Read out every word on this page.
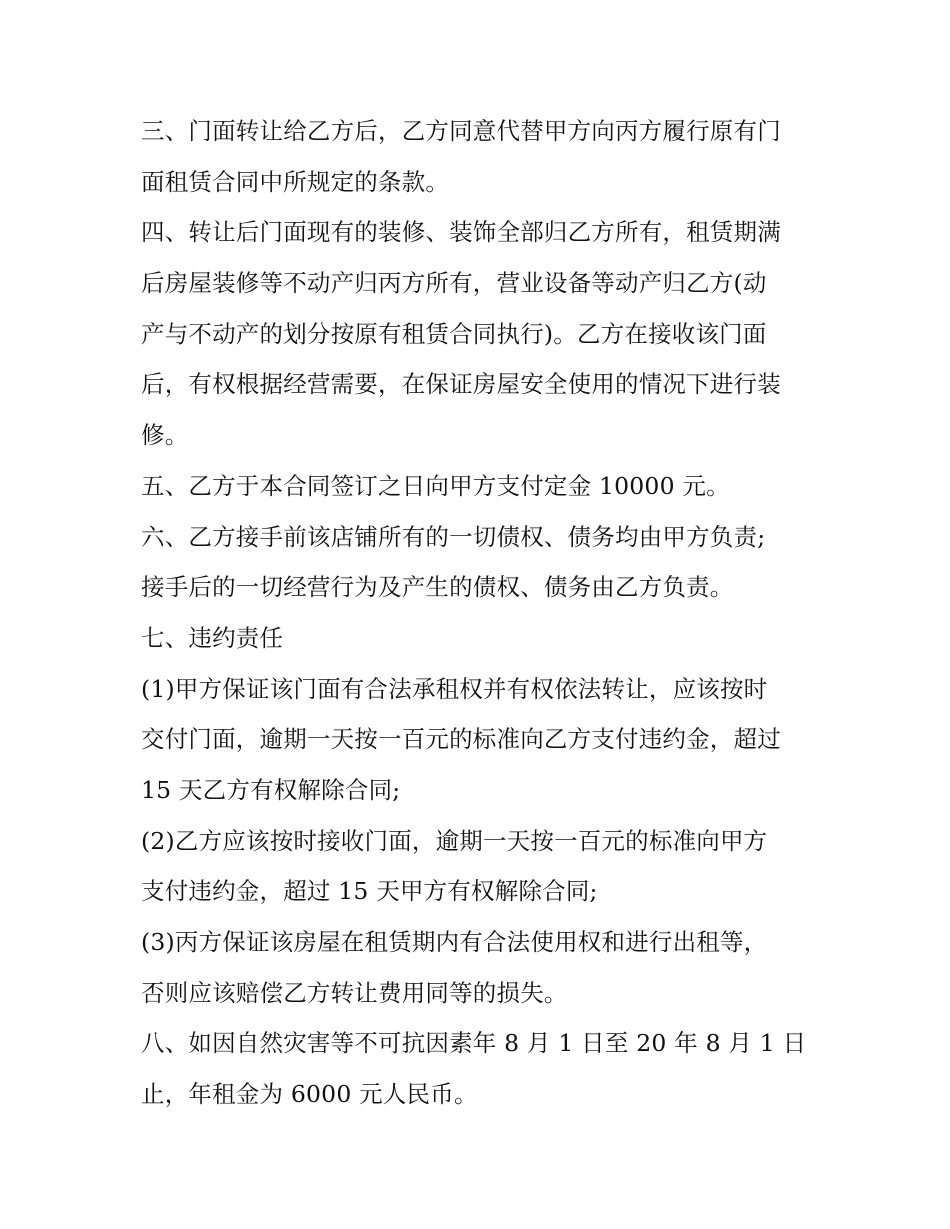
三、门面转让给乙方后，乙方同意代替甲方向丙方履行原有门
面租赁合同中所规定的条款。
四、转让后门面现有的装修、装饰全部归乙方所有，租赁期满
后房屋装修等不动产归丙方所有，营业设备等动产归乙方(动
产与不动产的划分按原有租赁合同执行)。乙方在接收该门面
后，有权根据经营需要，在保证房屋安全使用的情况下进行装
修。
五、乙方于本合同签订之日向甲方支付定金 10000 元。
六、乙方接手前该店铺所有的一切债权、债务均由甲方负责;
接手后的一切经营行为及产生的债权、债务由乙方负责。
七、违约责任
(1)甲方保证该门面有合法承租权并有权依法转让，应该按时
交付门面，逾期一天按一百元的标准向乙方支付违约金，超过
15 天乙方有权解除合同;
(2)乙方应该按时接收门面，逾期一天按一百元的标准向甲方
支付违约金，超过 15 天甲方有权解除合同;
(3)丙方保证该房屋在租赁期内有合法使用权和进行出租等，
否则应该赔偿乙方转让费用同等的损失。
八、如因自然灾害等不可抗因素年 8 月 1 日至 20 年 8 月 1 日
止，年租金为 6000 元人民币。
